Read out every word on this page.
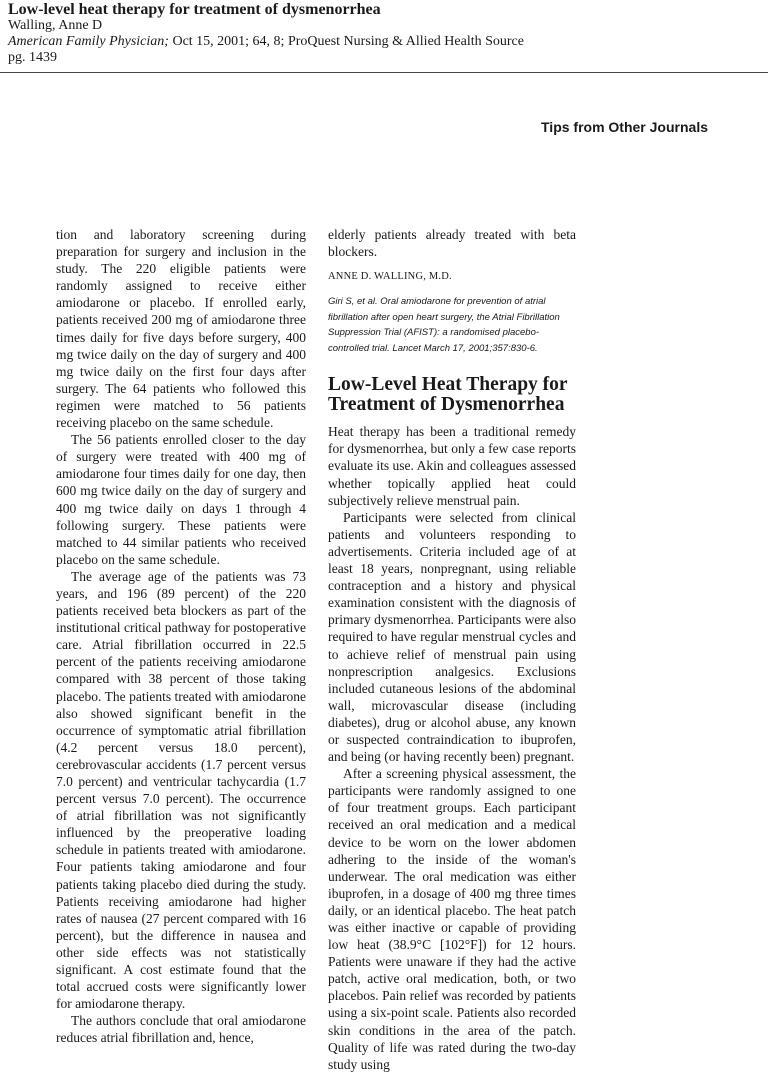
Low-level heat therapy for treatment of dysmenorrhea
Walling, Anne D
American Family Physician; Oct 15, 2001; 64, 8; ProQuest Nursing & Allied Health Source
pg. 1439
Tips from Other Journals

tion and laboratory screening during preparation for surgery and inclusion in the study. The 220 eligible patients were randomly assigned to receive either amiodarone or placebo. If enrolled early, patients received 200 mg of amiodarone three times daily for five days before surgery, 400 mg twice daily on the day of surgery and 400 mg twice daily on the first four days after surgery. The 64 patients who followed this regimen were matched to 56 patients receiving placebo on the same schedule.

The 56 patients enrolled closer to the day of surgery were treated with 400 mg of amiodarone four times daily for one day, then 600 mg twice daily on the day of surgery and 400 mg twice daily on days 1 through 4 following surgery. These patients were matched to 44 similar patients who received placebo on the same schedule.

The average age of the patients was 73 years, and 196 (89 percent) of the 220 patients received beta blockers as part of the institutional critical pathway for postoperative care. Atrial fibrillation occurred in 22.5 percent of the patients receiving amiodarone compared with 38 percent of those taking placebo. The patients treated with amiodarone also showed significant benefit in the occurrence of symptomatic atrial fibrillation (4.2 percent versus 18.0 percent), cerebrovascular accidents (1.7 percent versus 7.0 percent) and ventricular tachycardia (1.7 percent versus 7.0 percent). The occurrence of atrial fibrillation was not significantly influenced by the preoperative loading schedule in patients treated with amiodarone. Four patients taking amiodarone and four patients taking placebo died during the study. Patients receiving amiodarone had higher rates of nausea (27 percent compared with 16 percent), but the difference in nausea and other side effects was not statistically significant. A cost estimate found that the total accrued costs were significantly lower for amiodarone therapy.

The authors conclude that oral amiodarone reduces atrial fibrillation and, hence,

elderly patients already treated with beta blockers.

ANNE D. WALLING, M.D.

Giri S, et al. Oral amiodarone for prevention of atrial fibrillation after open heart surgery, the Atrial Fibrillation Suppression Trial (AFIST): a randomised placebo-controlled trial. Lancet March 17, 2001;357:830-6.

Low-Level Heat Therapy for Treatment of Dysmenorrhea

Heat therapy has been a traditional remedy for dysmenorrhea, but only a few case reports evaluate its use. Akin and colleagues assessed whether topically applied heat could subjectively relieve menstrual pain.

Participants were selected from clinical patients and volunteers responding to advertisements. Criteria included age of at least 18 years, nonpregnant, using reliable contraception and a history and physical examination consistent with the diagnosis of primary dysmenorrhea. Participants were also required to have regular menstrual cycles and to achieve relief of menstrual pain using nonprescription analgesics. Exclusions included cutaneous lesions of the abdominal wall, microvascular disease (including diabetes), drug or alcohol abuse, any known or suspected contraindication to ibuprofen, and being (or having recently been) pregnant.

After a screening physical assessment, the participants were randomly assigned to one of four treatment groups. Each participant received an oral medication and a medical device to be worn on the lower abdomen adhering to the inside of the woman's underwear. The oral medication was either ibuprofen, in a dosage of 400 mg three times daily, or an identical placebo. The heat patch was either inactive or capable of providing low heat (38.9°C [102°F]) for 12 hours. Patients were unaware if they had the active patch, active oral medication, both, or two placebos. Pain relief was recorded by patients using a six-point scale. Patients also recorded skin conditions in the area of the patch. Quality of life was rated during the two-day study using
